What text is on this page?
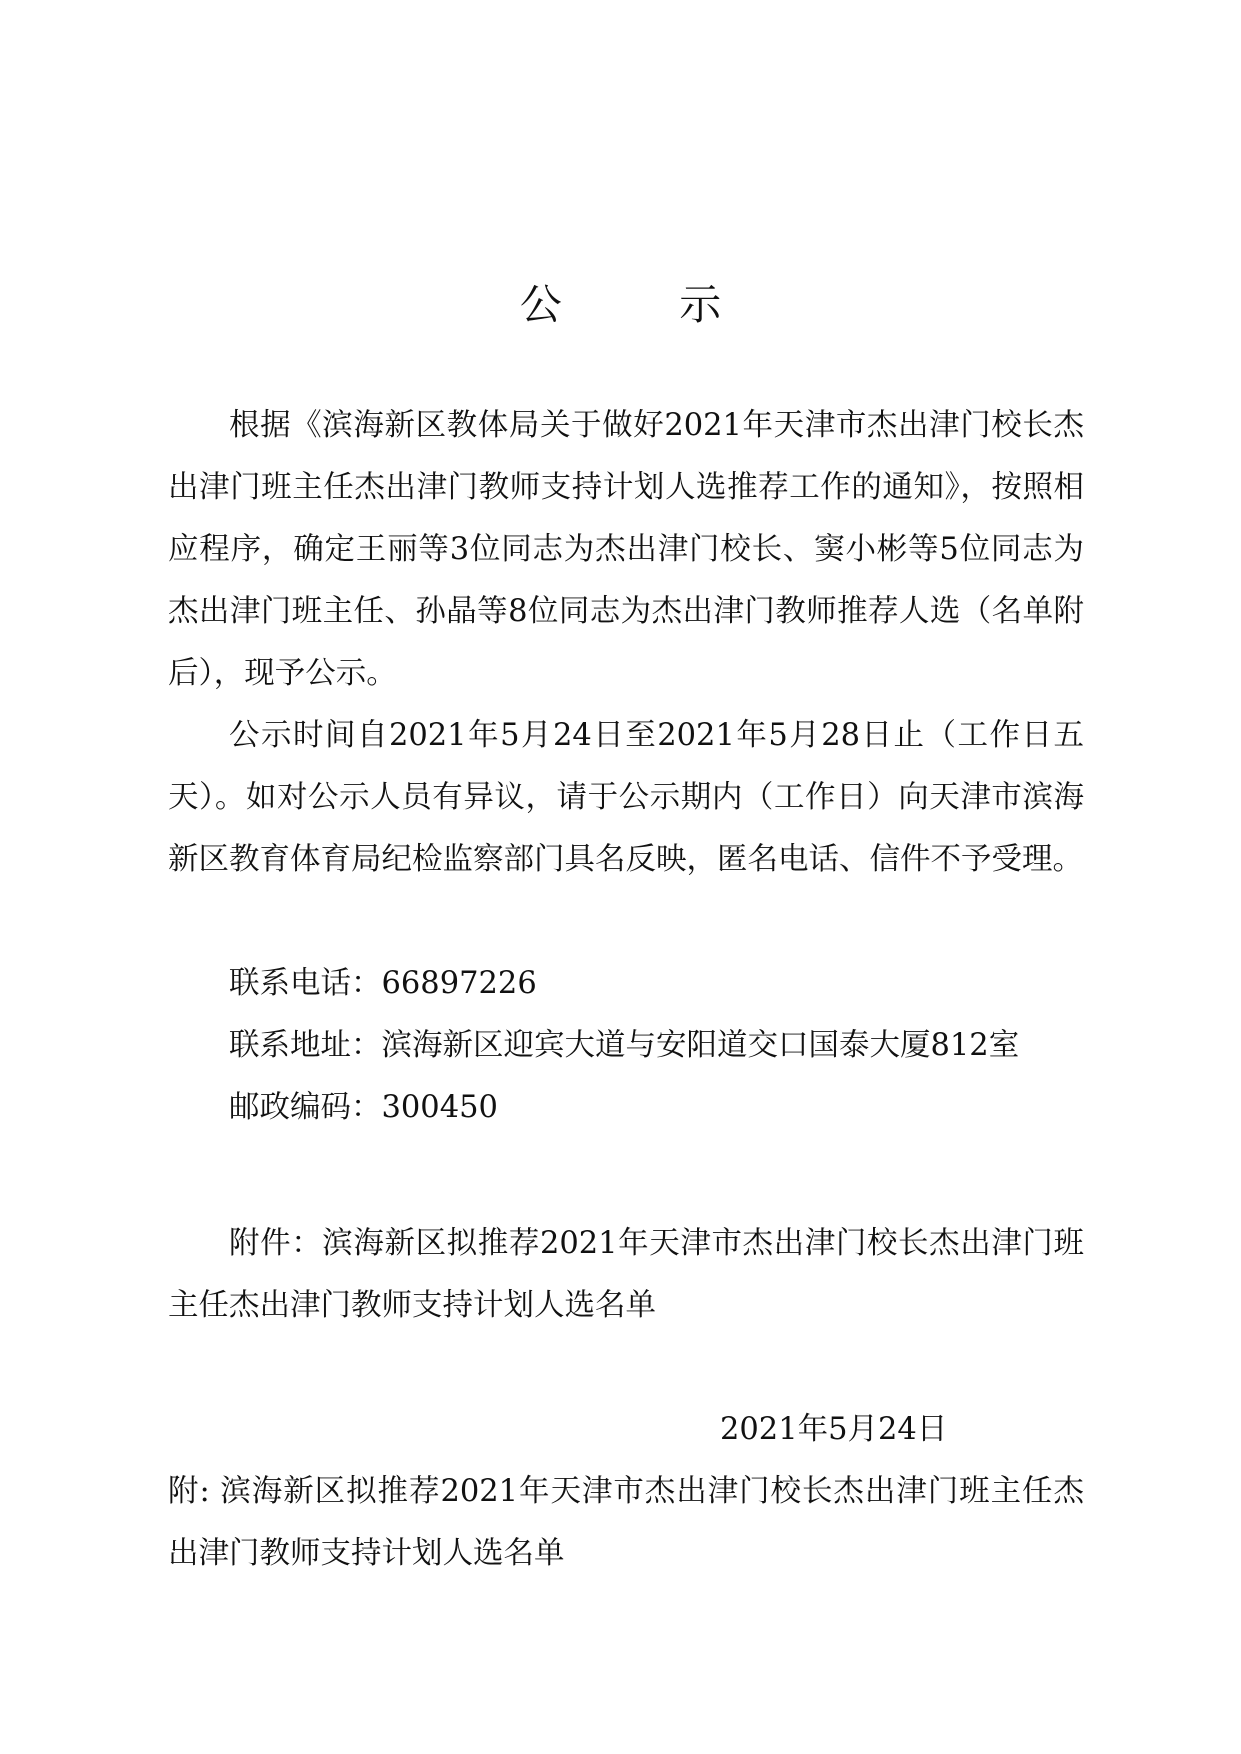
公　示

根据《滨海新区教体局关于做好2021年天津市杰出津门校长杰出津门班主任杰出津门教师支持计划人选推荐工作的通知》，按照相应程序，确定王丽等3位同志为杰出津门校长、窦小彬等5位同志为杰出津门班主任、孙晶等8位同志为杰出津门教师推荐人选（名单附后），现予公示。

公示时间自2021年5月24日至2021年5月28日止（工作日五天）。如对公示人员有异议，请于公示期内（工作日）向天津市滨海新区教育体育局纪检监察部门具名反映，匿名电话、信件不予受理。

联系电话：66897226

联系地址：滨海新区迎宾大道与安阳道交口国泰大厦812室

邮政编码：300450

附件：滨海新区拟推荐2021年天津市杰出津门校长杰出津门班主任杰出津门教师支持计划人选名单

2021年5月24日

附: 滨海新区拟推荐2021年天津市杰出津门校长杰出津门班主任杰出津门教师支持计划人选名单
